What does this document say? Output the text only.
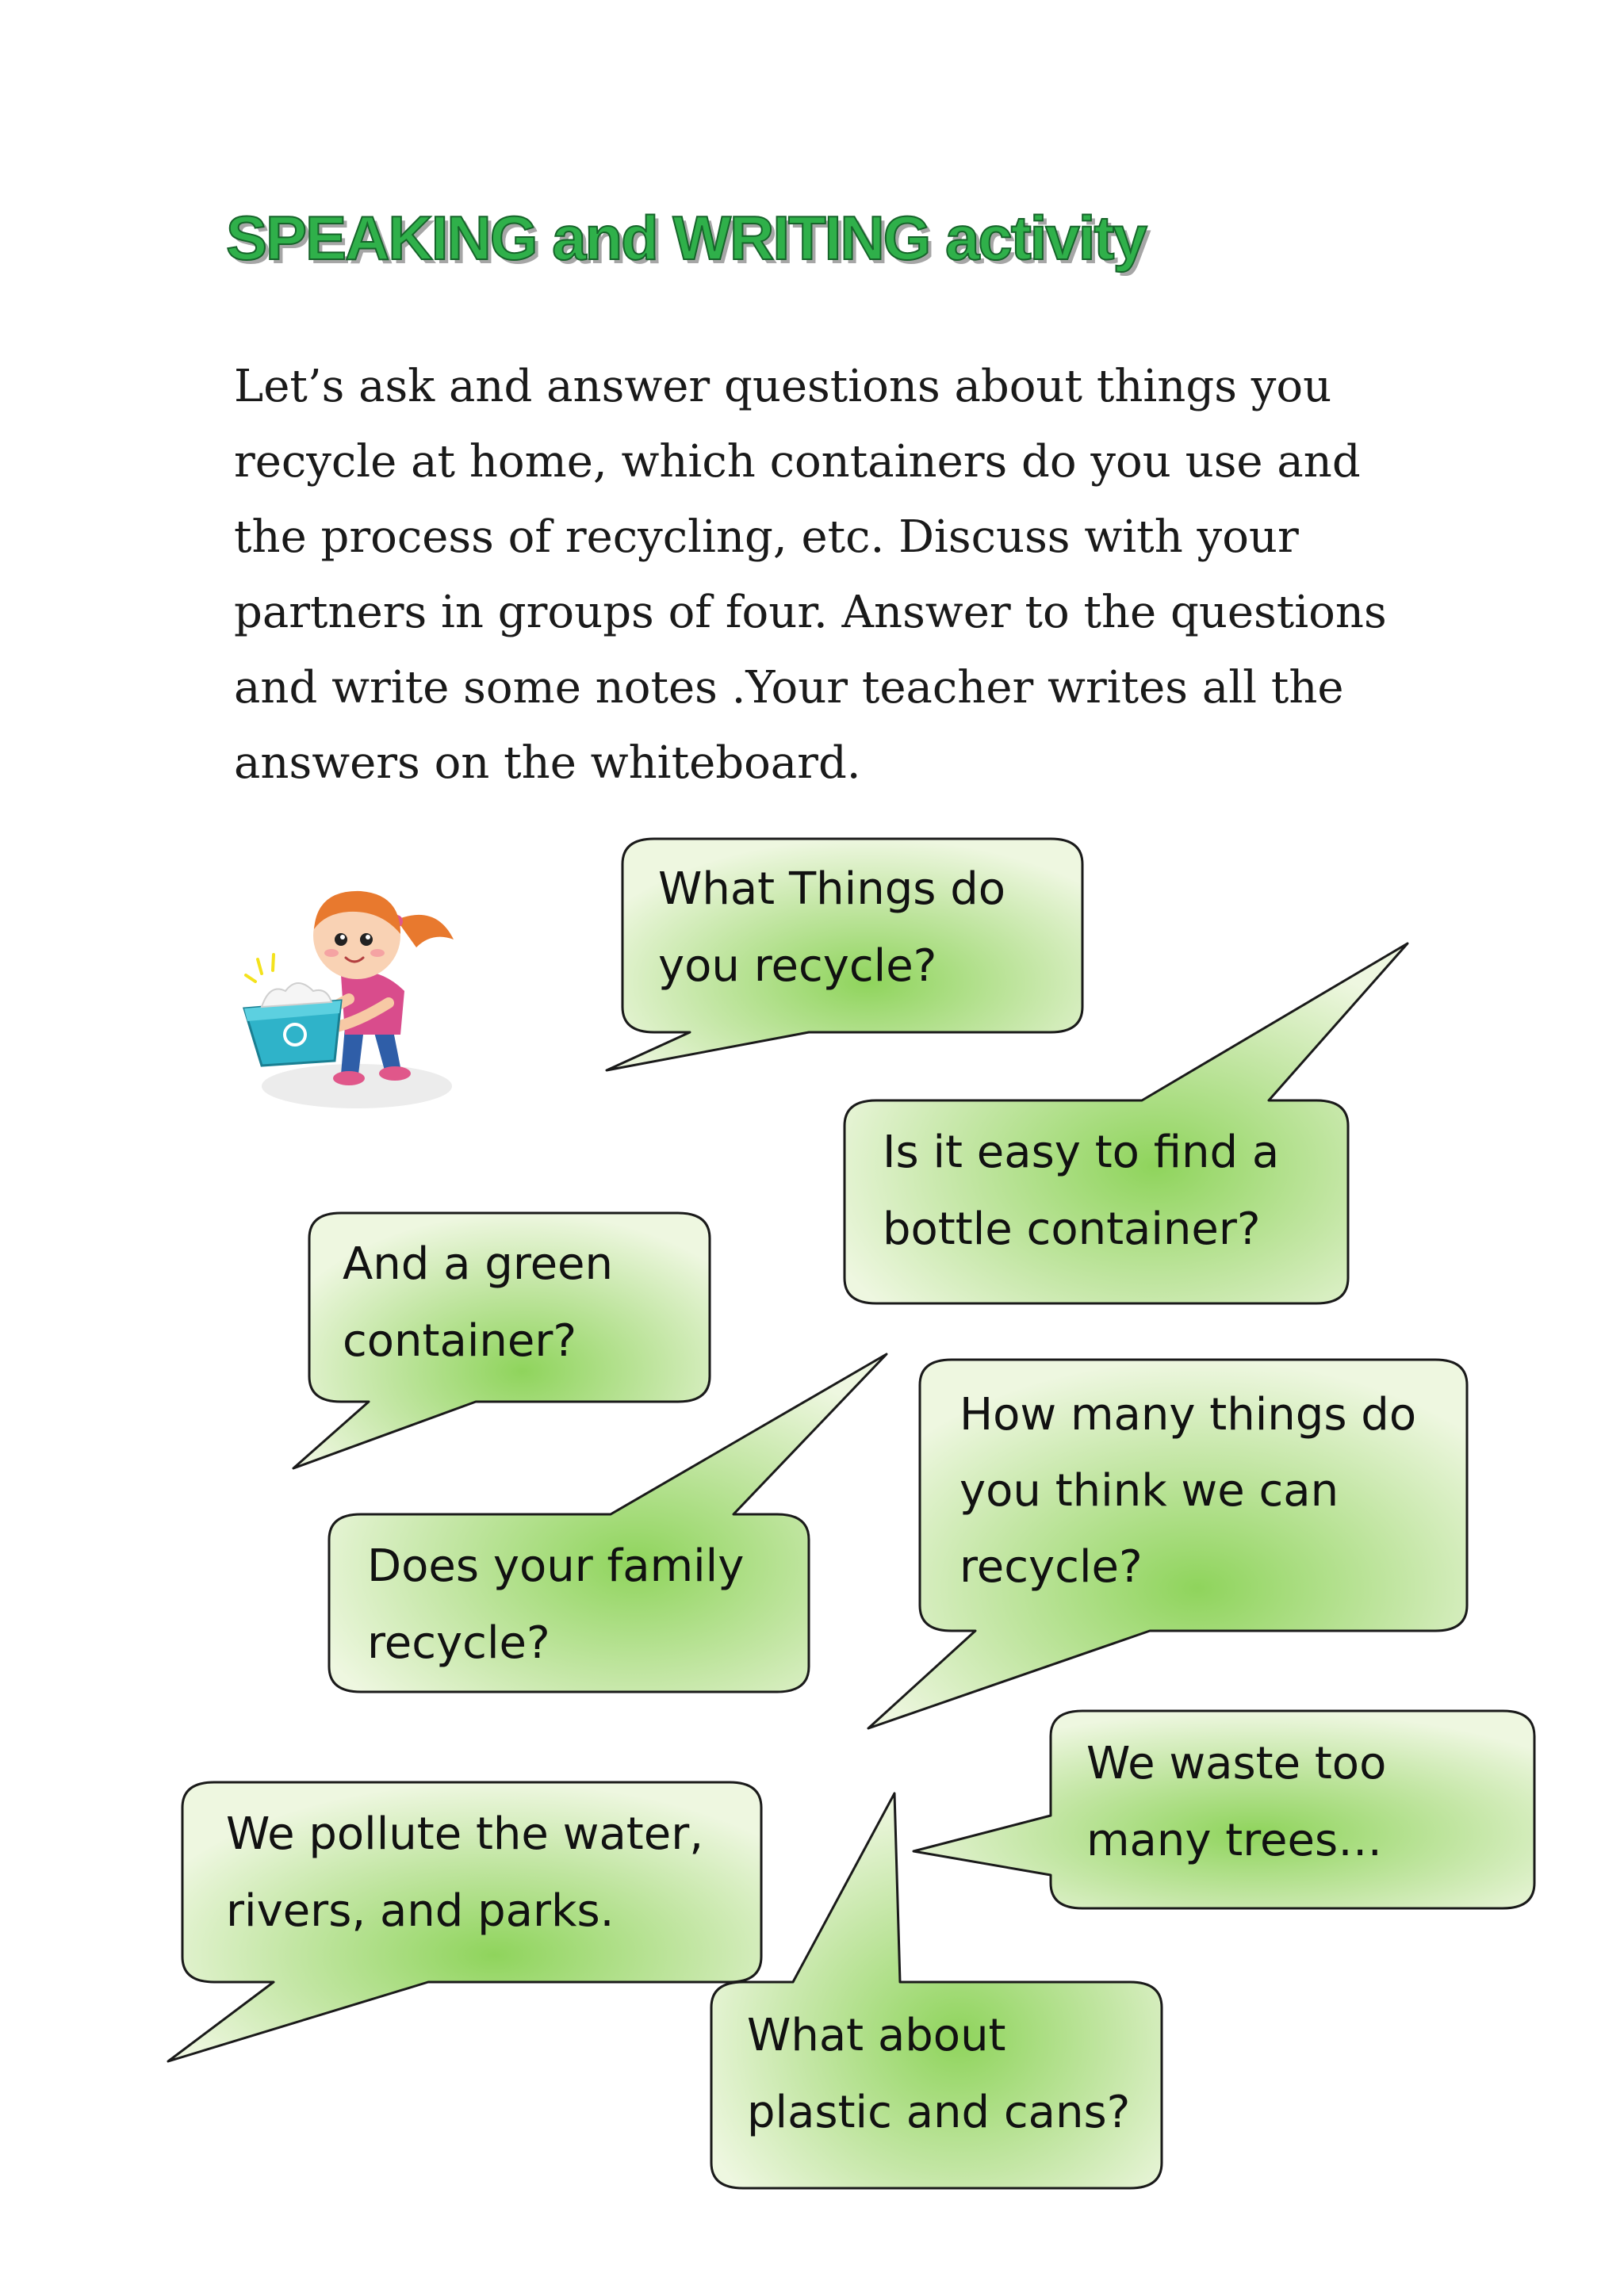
SPEAKING and WRITING activity

Let’s ask and answer questions about things you recycle at home, which containers do you use and the process of recycling, etc. Discuss with your partners in groups of four. Answer to the questions and write some notes .Your teacher writes all the answers on the whiteboard.

What Things do
you recycle?
Is it easy to find a
bottle container?
And a green
container?
Does your family
recycle?
How many things do
you think we can
recycle?
We waste too
many trees…
We pollute the water,
rivers, and parks.
What about
plastic and cans?
